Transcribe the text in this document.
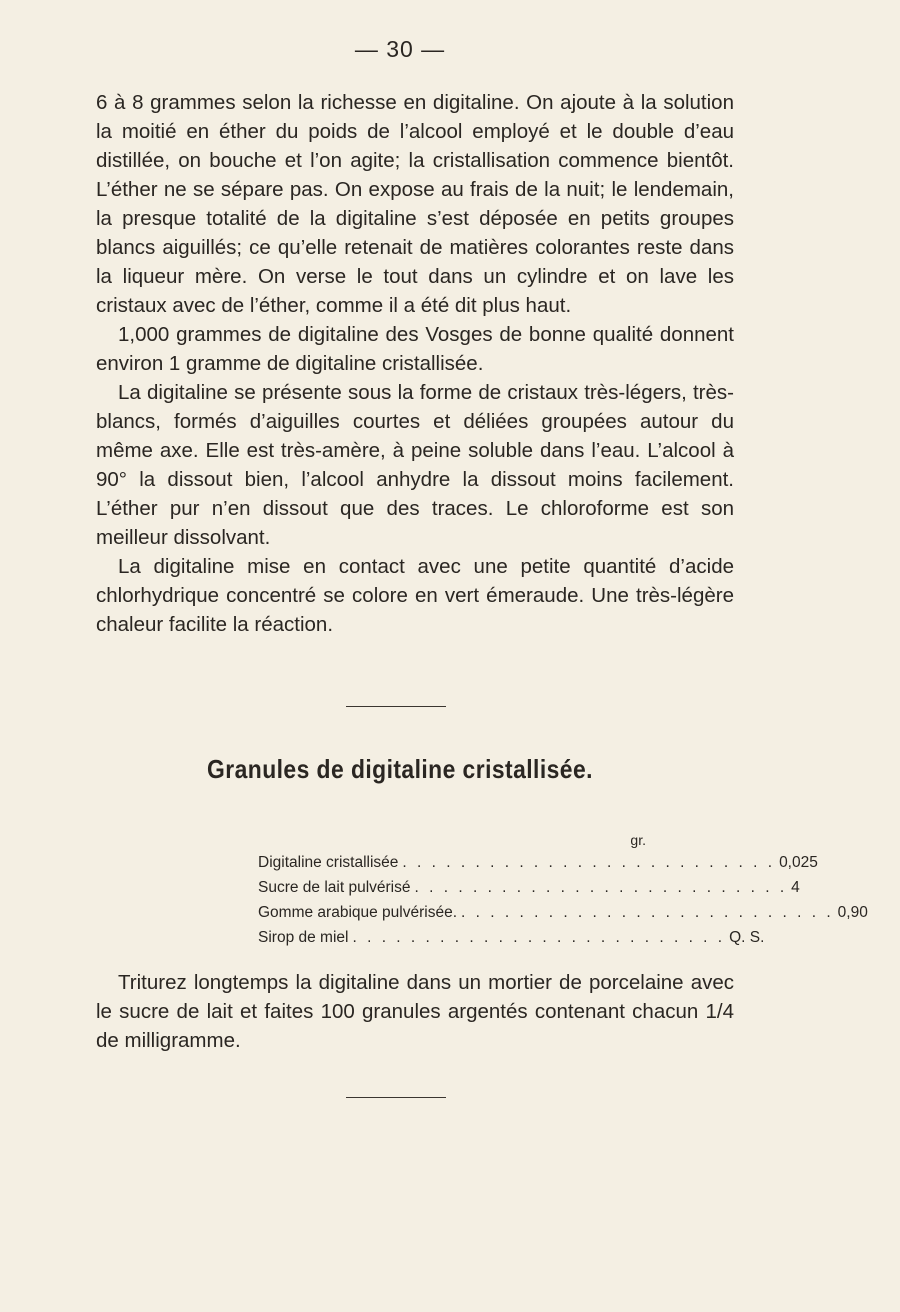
— 30 —

6 à 8 grammes selon la richesse en digitaline. On ajoute à la solution la moitié en éther du poids de l’alcool employé et le double d’eau distillée, on bouche et l’on agite; la cristallisation commence bientôt. L’éther ne se sépare pas. On expose au frais de la nuit; le lendemain, la presque totalité de la digitaline s’est déposée en petits groupes blancs aiguillés; ce qu’elle retenait de matières colorantes reste dans la liqueur mère. On verse le tout dans un cylindre et on lave les cristaux avec de l’éther, comme il a été dit plus haut.

1,000 grammes de digitaline des Vosges de bonne qualité donnent environ 1 gramme de digitaline cristallisée.

La digitaline se présente sous la forme de cristaux très-légers, très-blancs, formés d’aiguilles courtes et déliées groupées autour du même axe. Elle est très-amère, à peine soluble dans l’eau. L’alcool à 90° la dissout bien, l’alcool anhydre la dissout moins facilement. L’éther pur n’en dissout que des traces. Le chloroforme est son meilleur dissolvant.

La digitaline mise en contact avec une petite quantité d’acide chlorhydrique concentré se colore en vert émeraude. Une très-légère chaleur facilite la réaction.

Granules de digitaline cristallisée.
gr.
Digitaline cristallisée . . . . . . . . . . . . . . . . . . . . . . . . . . 0,025
Sucre de lait pulvérisé . . . . . . . . . . . . . . . . . . . . . . . . . . 4
Gomme arabique pulvérisée. . . . . . . . . . . . . . . . . . . . . . . . . . . 0,90
Sirop de miel . . . . . . . . . . . . . . . . . . . . . . . . . . Q. S.

Triturez longtemps la digitaline dans un mortier de porcelaine avec le sucre de lait et faites 100 granules argentés contenant chacun 1/4 de milligramme.
